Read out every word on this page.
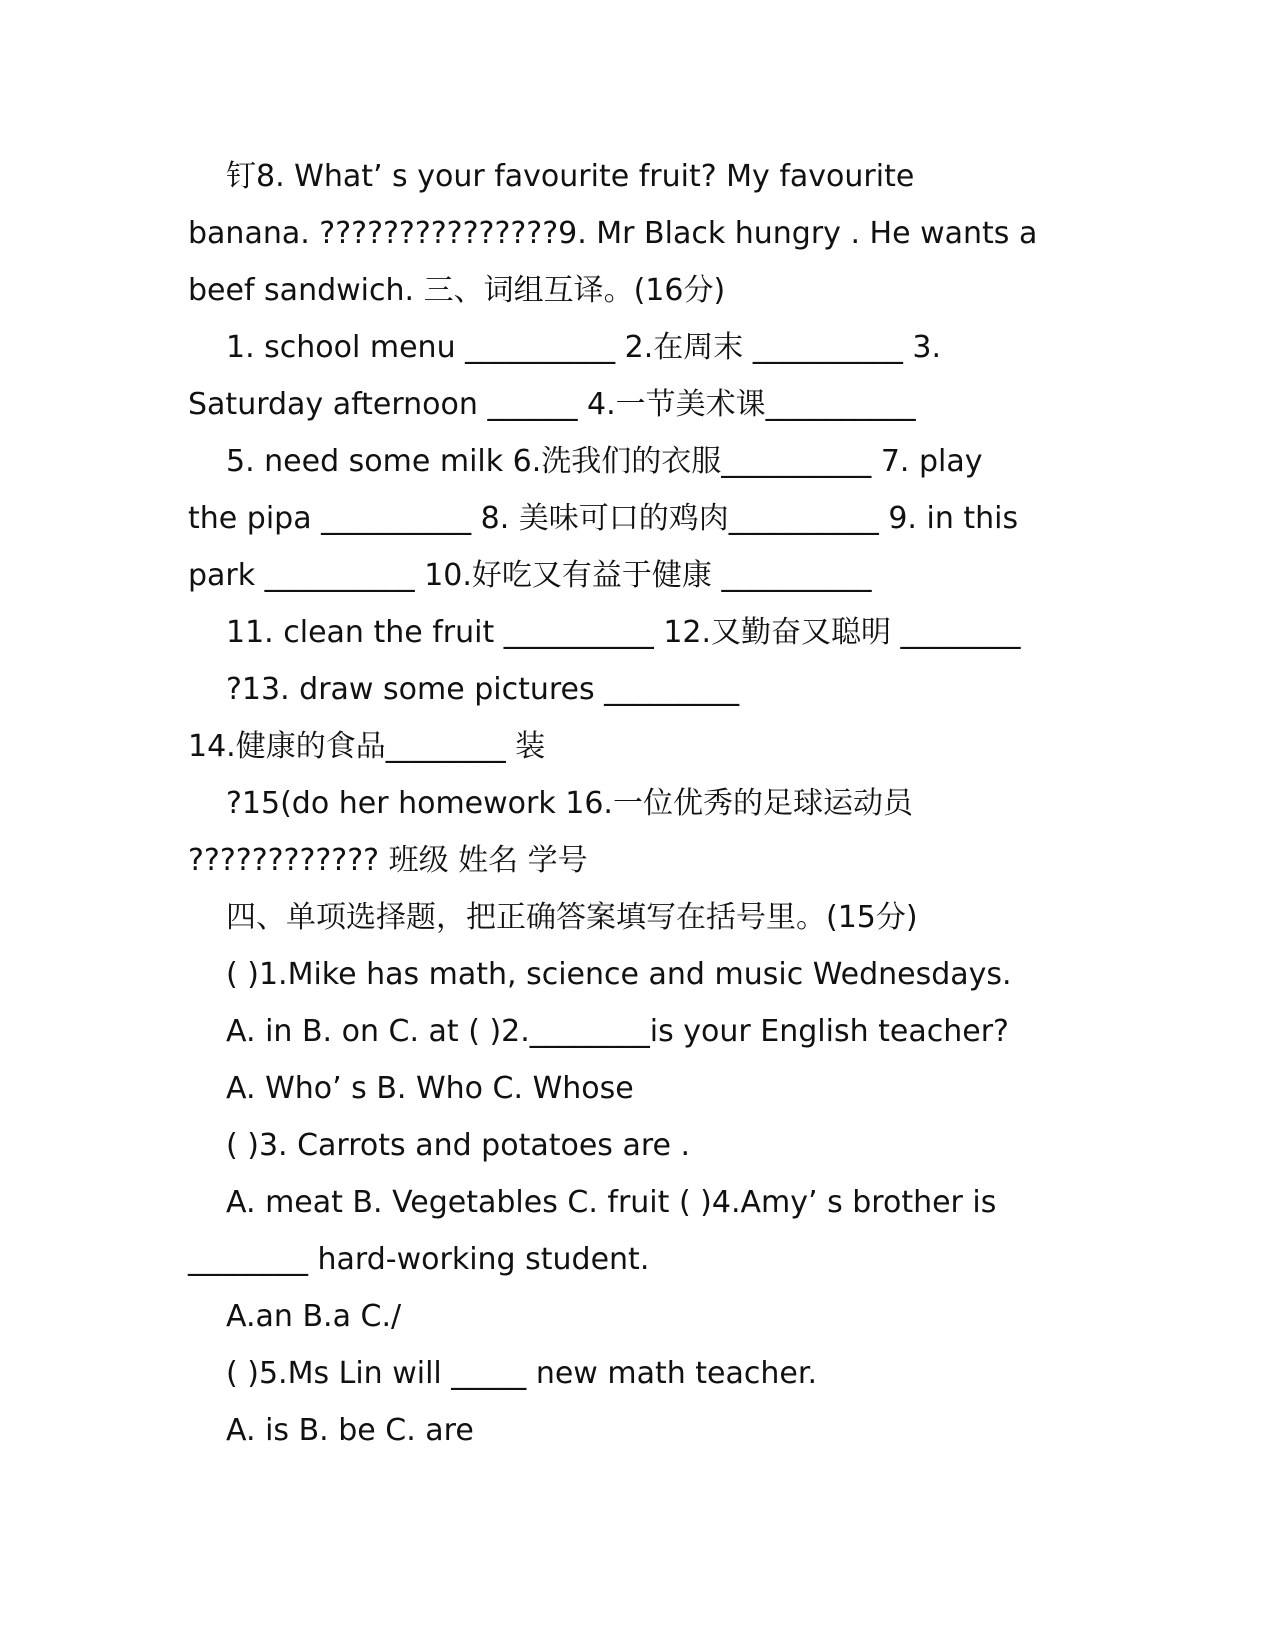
钉8. What’ s your favourite fruit? My favourite
banana. ???????????????9. Mr Black hungry . He wants a
beef sandwich. 三、词组互译。(16分)
1. school menu __________ 2.在周末 __________ 3.
Saturday afternoon ______ 4.一节美术课__________
5. need some milk 6.洗我们的衣服__________ 7. play
the pipa __________ 8. 美味可口的鸡肉__________ 9. in this
park __________ 10.好吃又有益于健康 __________
11. clean the fruit __________ 12.又勤奋又聪明 ________
?13. draw some pictures _________
14.健康的食品________ 装
?15(do her homework 16.一位优秀的足球运动员
???????????? 班级 姓名 学号
四、单项选择题，把正确答案填写在括号里。(15分)
( )1.Mike has math, science and music Wednesdays.
A. in B. on C. at ( )2.________is your English teacher?
A. Who’ s B. Who C. Whose
( )3. Carrots and potatoes are .
A. meat B. Vegetables C. fruit ( )4.Amy’ s brother is
________ hard-working student.
A.an B.a C./
( )5.Ms Lin will _____ new math teacher.
A. is B. be C. are
